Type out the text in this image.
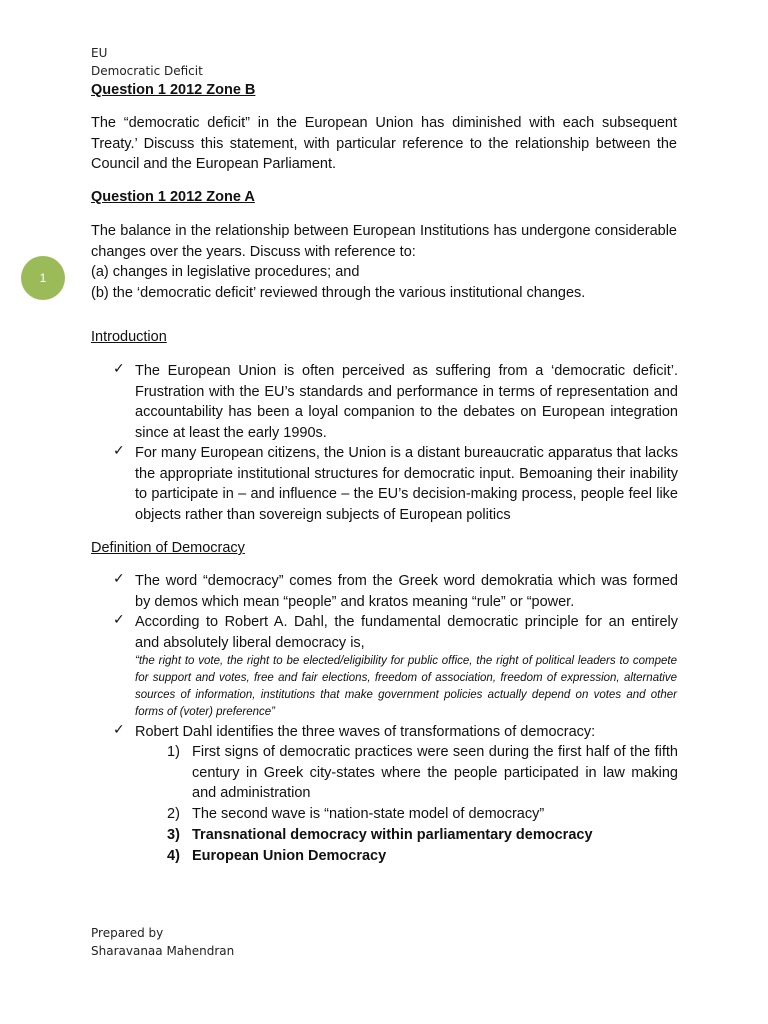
EU
Democratic Deficit
Question 1 2012 Zone B
The “democratic deficit” in the European Union has diminished with each subsequent Treaty.’ Discuss this statement, with particular reference to the relationship between the Council and the European Parliament.
Question 1 2012 Zone A
The balance in the relationship between European Institutions has undergone considerable changes over the years. Discuss with reference to:
(a) changes in legislative procedures; and
(b) the ‘democratic deficit’ reviewed through the various institutional changes.
1
Introduction
✓ The European Union is often perceived as suffering from a ‘democratic deficit’. Frustration with the EU’s standards and performance in terms of representation and accountability has been a loyal companion to the debates on European integration since at least the early 1990s.
✓ For many European citizens, the Union is a distant bureaucratic apparatus that lacks the appropriate institutional structures for democratic input. Bemoaning their inability to participate in – and influence – the EU’s decision-making process, people feel like objects rather than sovereign subjects of European politics
Definition of Democracy
✓ The word “democracy” comes from the Greek word demokratia which was formed by demos which mean “people” and kratos meaning “rule” or “power.
✓ According to Robert A. Dahl, the fundamental democratic principle for an entirely and absolutely liberal democracy is,
“the right to vote, the right to be elected/eligibility for public office, the right of political leaders to compete for support and votes, free and fair elections, freedom of association, freedom of expression, alternative sources of information, institutions that make government policies actually depend on votes and other forms of (voter) preference”
✓ Robert Dahl identifies the three waves of transformations of democracy:
1) First signs of democratic practices were seen during the first half of the fifth century in Greek city-states where the people participated in law making and administration
2) The second wave is “nation-state model of democracy”
3) Transnational democracy within parliamentary democracy
4) European Union Democracy
Prepared by
Sharavanaa Mahendran
